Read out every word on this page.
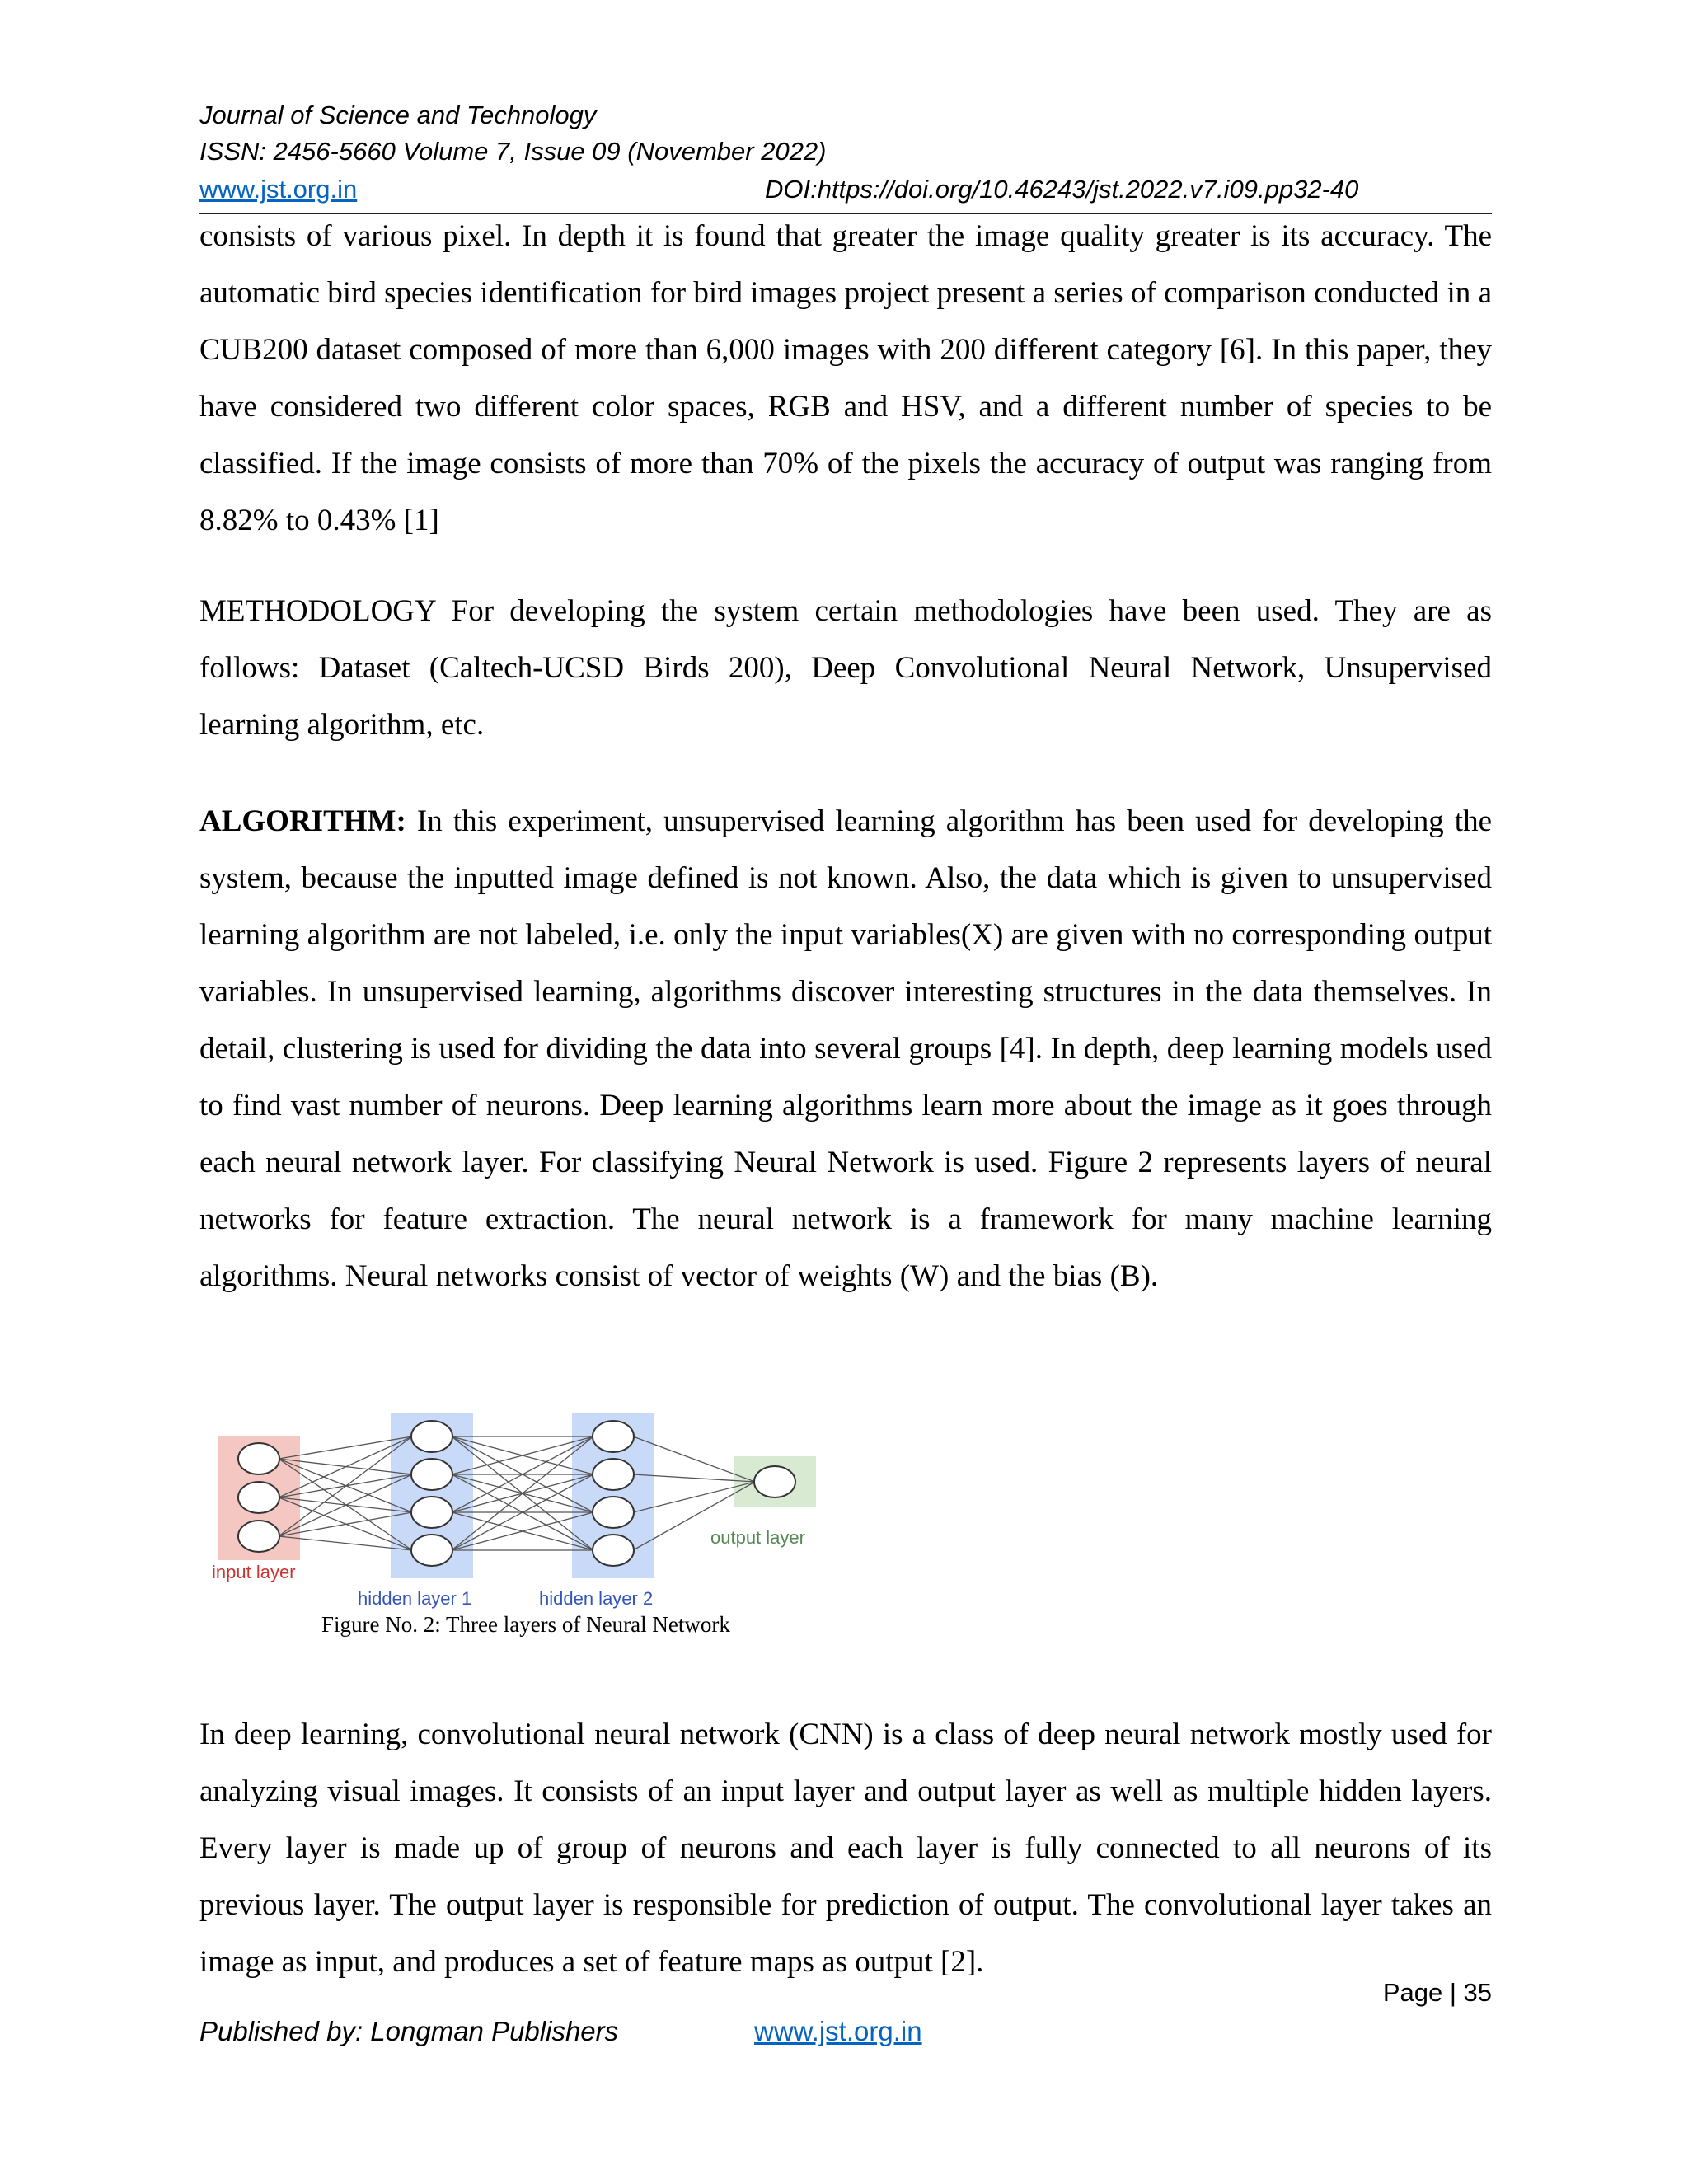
Journal of Science and Technology
ISSN: 2456-5660 Volume 7, Issue 09 (November 2022)
www.jst.org.in	DOI:https://doi.org/10.46243/jst.2022.v7.i09.pp32-40

consists of various pixel. In depth it is found that greater the image quality greater is its accuracy. The automatic bird species identification for bird images project present a series of comparison conducted in a CUB200 dataset composed of more than 6,000 images with 200 different category [6]. In this paper, they have considered two different color spaces, RGB and HSV, and a different number of species to be classified. If the image consists of more than 70% of the pixels the accuracy of output was ranging from 8.82% to 0.43% [1]

METHODOLOGY For developing the system certain methodologies have been used. They are as follows: Dataset (Caltech-UCSD Birds 200), Deep Convolutional Neural Network, Unsupervised learning algorithm, etc.

ALGORITHM: In this experiment, unsupervised learning algorithm has been used for developing the system, because the inputted image defined is not known. Also, the data which is given to unsupervised learning algorithm are not labeled, i.e. only the input variables(X) are given with no corresponding output variables. In unsupervised learning, algorithms discover interesting structures in the data themselves. In detail, clustering is used for dividing the data into several groups [4]. In depth, deep learning models used to find vast number of neurons. Deep learning algorithms learn more about the image as it goes through each neural network layer. For classifying Neural Network is used. Figure 2 represents layers of neural networks for feature extraction. The neural network is a framework for many machine learning algorithms. Neural networks consist of vector of weights (W) and the bias (B).

input layer
hidden layer 1	hidden layer 2
output layer
Figure No. 2: Three layers of Neural Network

In deep learning, convolutional neural network (CNN) is a class of deep neural network mostly used for analyzing visual images. It consists of an input layer and output layer as well as multiple hidden layers. Every layer is made up of group of neurons and each layer is fully connected to all neurons of its previous layer. The output layer is responsible for prediction of output. The convolutional layer takes an image as input, and produces a set of feature maps as output [2].

Page | 35
Published by: Longman Publishers	www.jst.org.in
